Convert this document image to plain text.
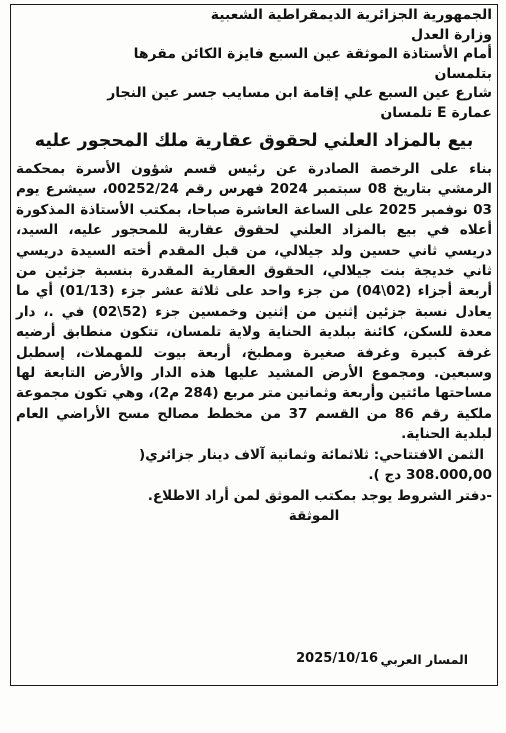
الجمهورية الجزائرية الديمقراطية الشعبية

وزارة العدل

أمام الأستاذة الموثقة عين السبع فايزة الكائن مقرها

بتلمسان

شارع عين السبع علي إقامة ابن مسايب جسر عين النجار

عمارة E تلمسان

بيع بالمزاد العلني لحقوق عقارية ملك المحجور عليه

بناء على الرخصة الصادرة عن رئيس قسم شؤون الأسرة بمحكمة الرمشي بتاريخ 08 سبتمبر 2024 فهرس رقم 00252/24، سيشرع يوم 03 نوفمبر 2025 على الساعة العاشرة صباحا، بمكتب الأستاذة المذكورة أعلاه في بيع بالمزاد العلني لحقوق عقارية للمحجور عليه، السيد، دريسي ثاني حسين ولد جيلالي، من قبل المقدم أخته السيدة دريسي ثاني خديجة بنت جيلالي، الحقوق العقارية المقدرة بنسبة جزئين من أربعة أجزاء (02\04) من جزء واحد على ثلاثة عشر جزء (01/13) أي ما يعادل نسبة جزئين إثنين من إثنين وخمسين جزء (52\02) في .، دار معدة للسكن، كائنة ببلدية الحناية ولاية تلمسان، تتكون منطابق أرضيه غرفة كبيرة وغرفة صغيرة ومطبخ، أربعة بيوت للمهملات، إسطبل وسبعين. ومجموع الأرض المشيد عليها هذه الدار والأرض التابعة لها مساحتها مائتين وأربعة وثمانين متر مربع (284 م2)، وهي تكون مجموعة ملكية رقم 86 من القسم 37 من مخطط مصالح مسح الأراضي العام لبلدية الحناية.

الثمن الافتتاحي: ثلاثمائة وثمانية آلاف دينار جزائري(

308.000,00 دج ).

-دفتر الشروط يوجد بمكتب الموثق لمن أراد الاطلاع.

الموثقة

المسار العربي
2025/10/16
